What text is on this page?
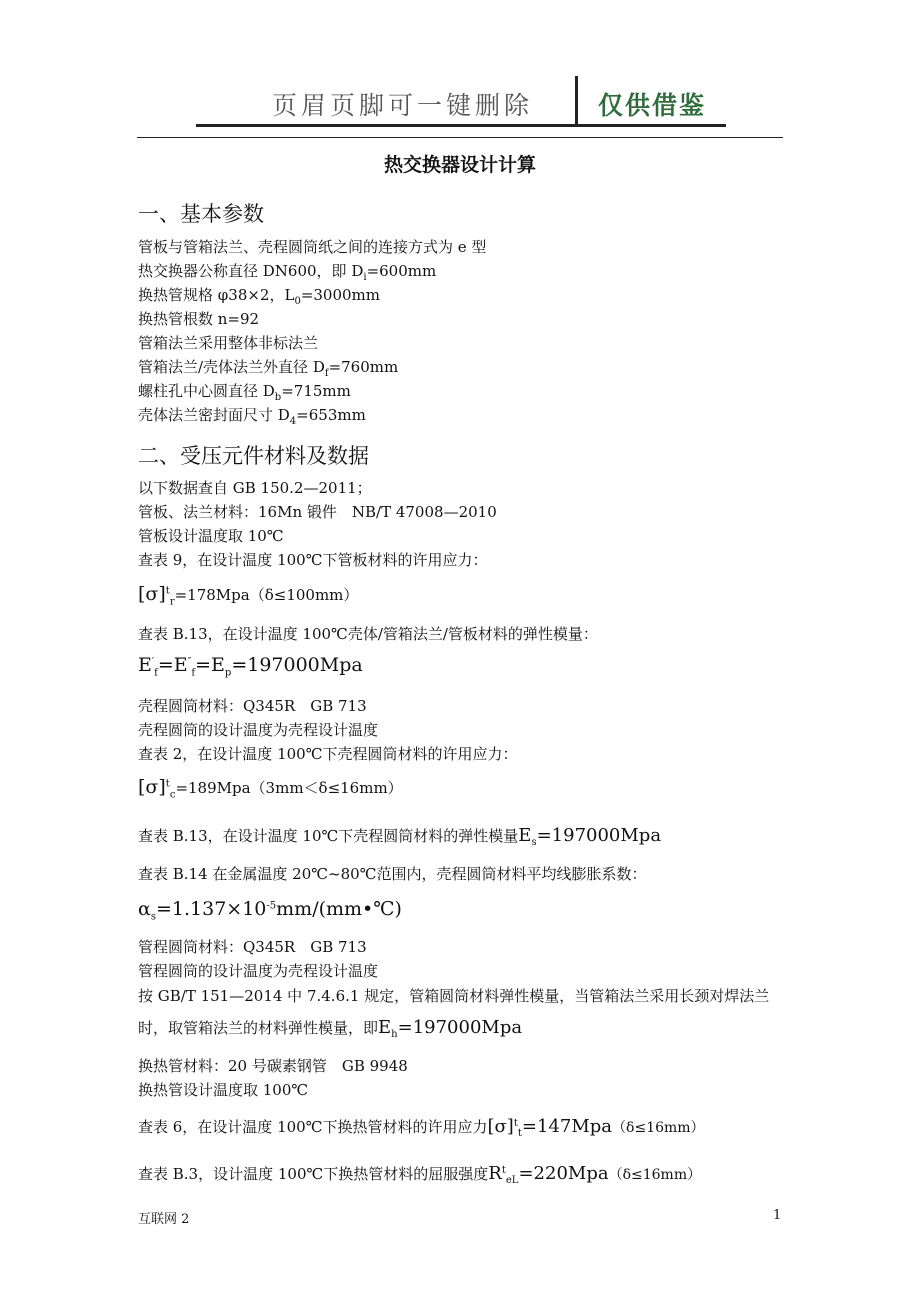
页眉页脚可一键删除	仅供借鉴
热交换器设计计算
一、基本参数
管板与管箱法兰、壳程圆筒纸之间的连接方式为 e 型
热交换器公称直径 DN600，即 $D_i=600mm$
换热管规格 φ38×2，$L_0=3000mm$
换热管根数 n=92
管箱法兰采用整体非标法兰
管箱法兰/壳体法兰外直径 $D_f=760mm$
螺柱孔中心圆直径 $D_b=715mm$
壳体法兰密封面尺寸 $D_4=653mm$
二、受压元件材料及数据
以下数据查自 GB 150.2—2011；
管板、法兰材料：16Mn 锻件　NB/T 47008—2010
管板设计温度取 10℃
查表 9，在设计温度 100℃下管板材料的许用应力：
$[\sigma]^t_r=178Mpa(\delta\le 100mm)$
查表 B.13，在设计温度 100℃壳体/管箱法兰/管板材料的弹性模量：
$E'_f=E''_f=E_p=197000Mpa$
壳程圆筒材料：Q345R　GB 713
壳程圆筒的设计温度为壳程设计温度
查表 2，在设计温度 100℃下壳程圆筒材料的许用应力：
$[\sigma]^t_c=189Mpa(3mm<\delta\le 16mm)$
查表 B.13，在设计温度 10℃下壳程圆筒材料的弹性模量$E_s=197000Mpa$
查表 B.14 在金属温度 20℃~80℃范围内，壳程圆筒材料平均线膨胀系数：
$\alpha_s=1.137\times 10^{-5}mm/(mm•℃)$
管程圆筒材料：Q345R　GB 713
管程圆筒的设计温度为壳程设计温度
按 GB/T 151—2014 中 7.4.6.1 规定，管箱圆筒材料弹性模量，当管箱法兰采用长颈对焊法兰
时，取管箱法兰的材料弹性模量，即$E_h=197000Mpa$
换热管材料：20 号碳素钢管　GB 9948
换热管设计温度取 100℃
查表 6，在设计温度 100℃下换热管材料的许用应力$[\sigma]^t_t=147Mpa(\delta\le 16mm)$
查表 B.3，设计温度 100℃下换热管材料的屈服强度$R^t_{eL}=220Mpa(\delta\le 16mm)$
互联网 2	1
